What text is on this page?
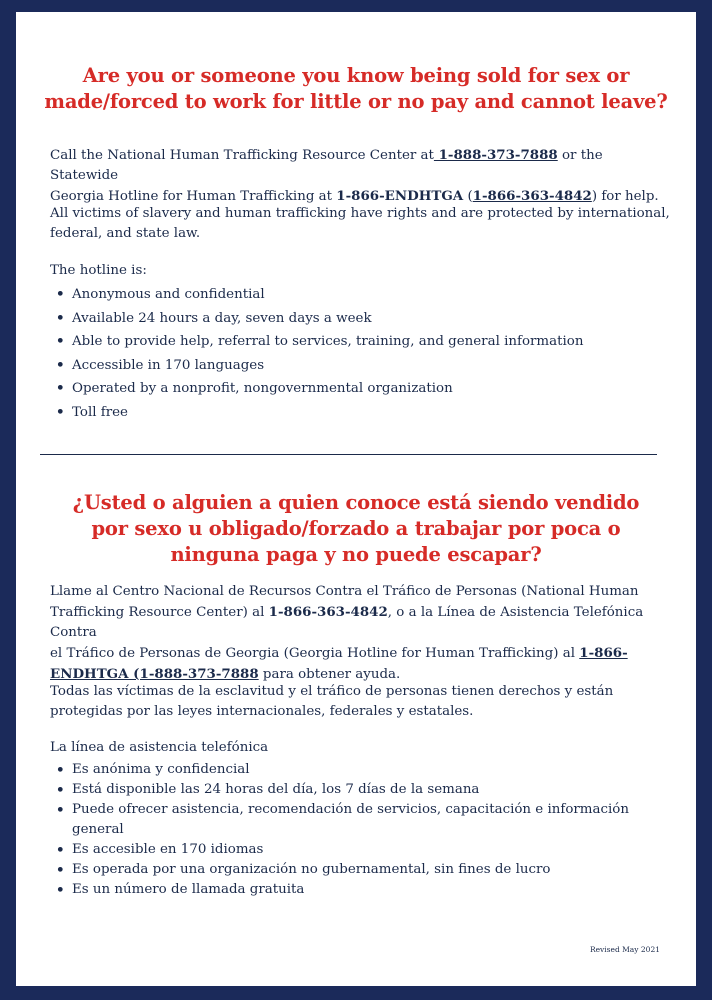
Are you or someone you know being sold for sex or
made/forced to work for little or no pay and cannot leave?

Call the National Human Trafficking Resource Center at 1-888-373-7888 or the Statewide
Georgia Hotline for Human Trafficking at 1-866-ENDHTGA (1-866-363-4842) for help.

All victims of slavery and human trafficking have rights and are protected by international,
federal, and state law.

The hotline is:

• Anonymous and confidential
• Available 24 hours a day, seven days a week
• Able to provide help, referral to services, training, and general information
• Accessible in 170 languages
• Operated by a nonprofit, nongovernmental organization
• Toll free
¿Usted o alguien a quien conoce está siendo vendido
por sexo u obligado/forzado a trabajar por poca o
ninguna paga y no puede escapar?

Llame al Centro Nacional de Recursos Contra el Tráfico de Personas (National Human
Trafficking Resource Center) al 1-866-363-4842, o a la Línea de Asistencia Telefónica Contra
el Tráfico de Personas de Georgia (Georgia Hotline for Human Trafficking) al 1-866-
ENDHTGA (1-888-373-7888 para obtener ayuda.

Todas las víctimas de la esclavitud y el tráfico de personas tienen derechos y están
protegidas por las leyes internacionales, federales y estatales.

La línea de asistencia telefónica

• Es anónima y confidencial
• Está disponible las 24 horas del día, los 7 días de la semana
• Puede ofrecer asistencia, recomendación de servicios, capacitación e información general
• Es accesible en 170 idiomas
• Es operada por una organización no gubernamental, sin fines de lucro
• Es un número de llamada gratuita
Revised May 2021
